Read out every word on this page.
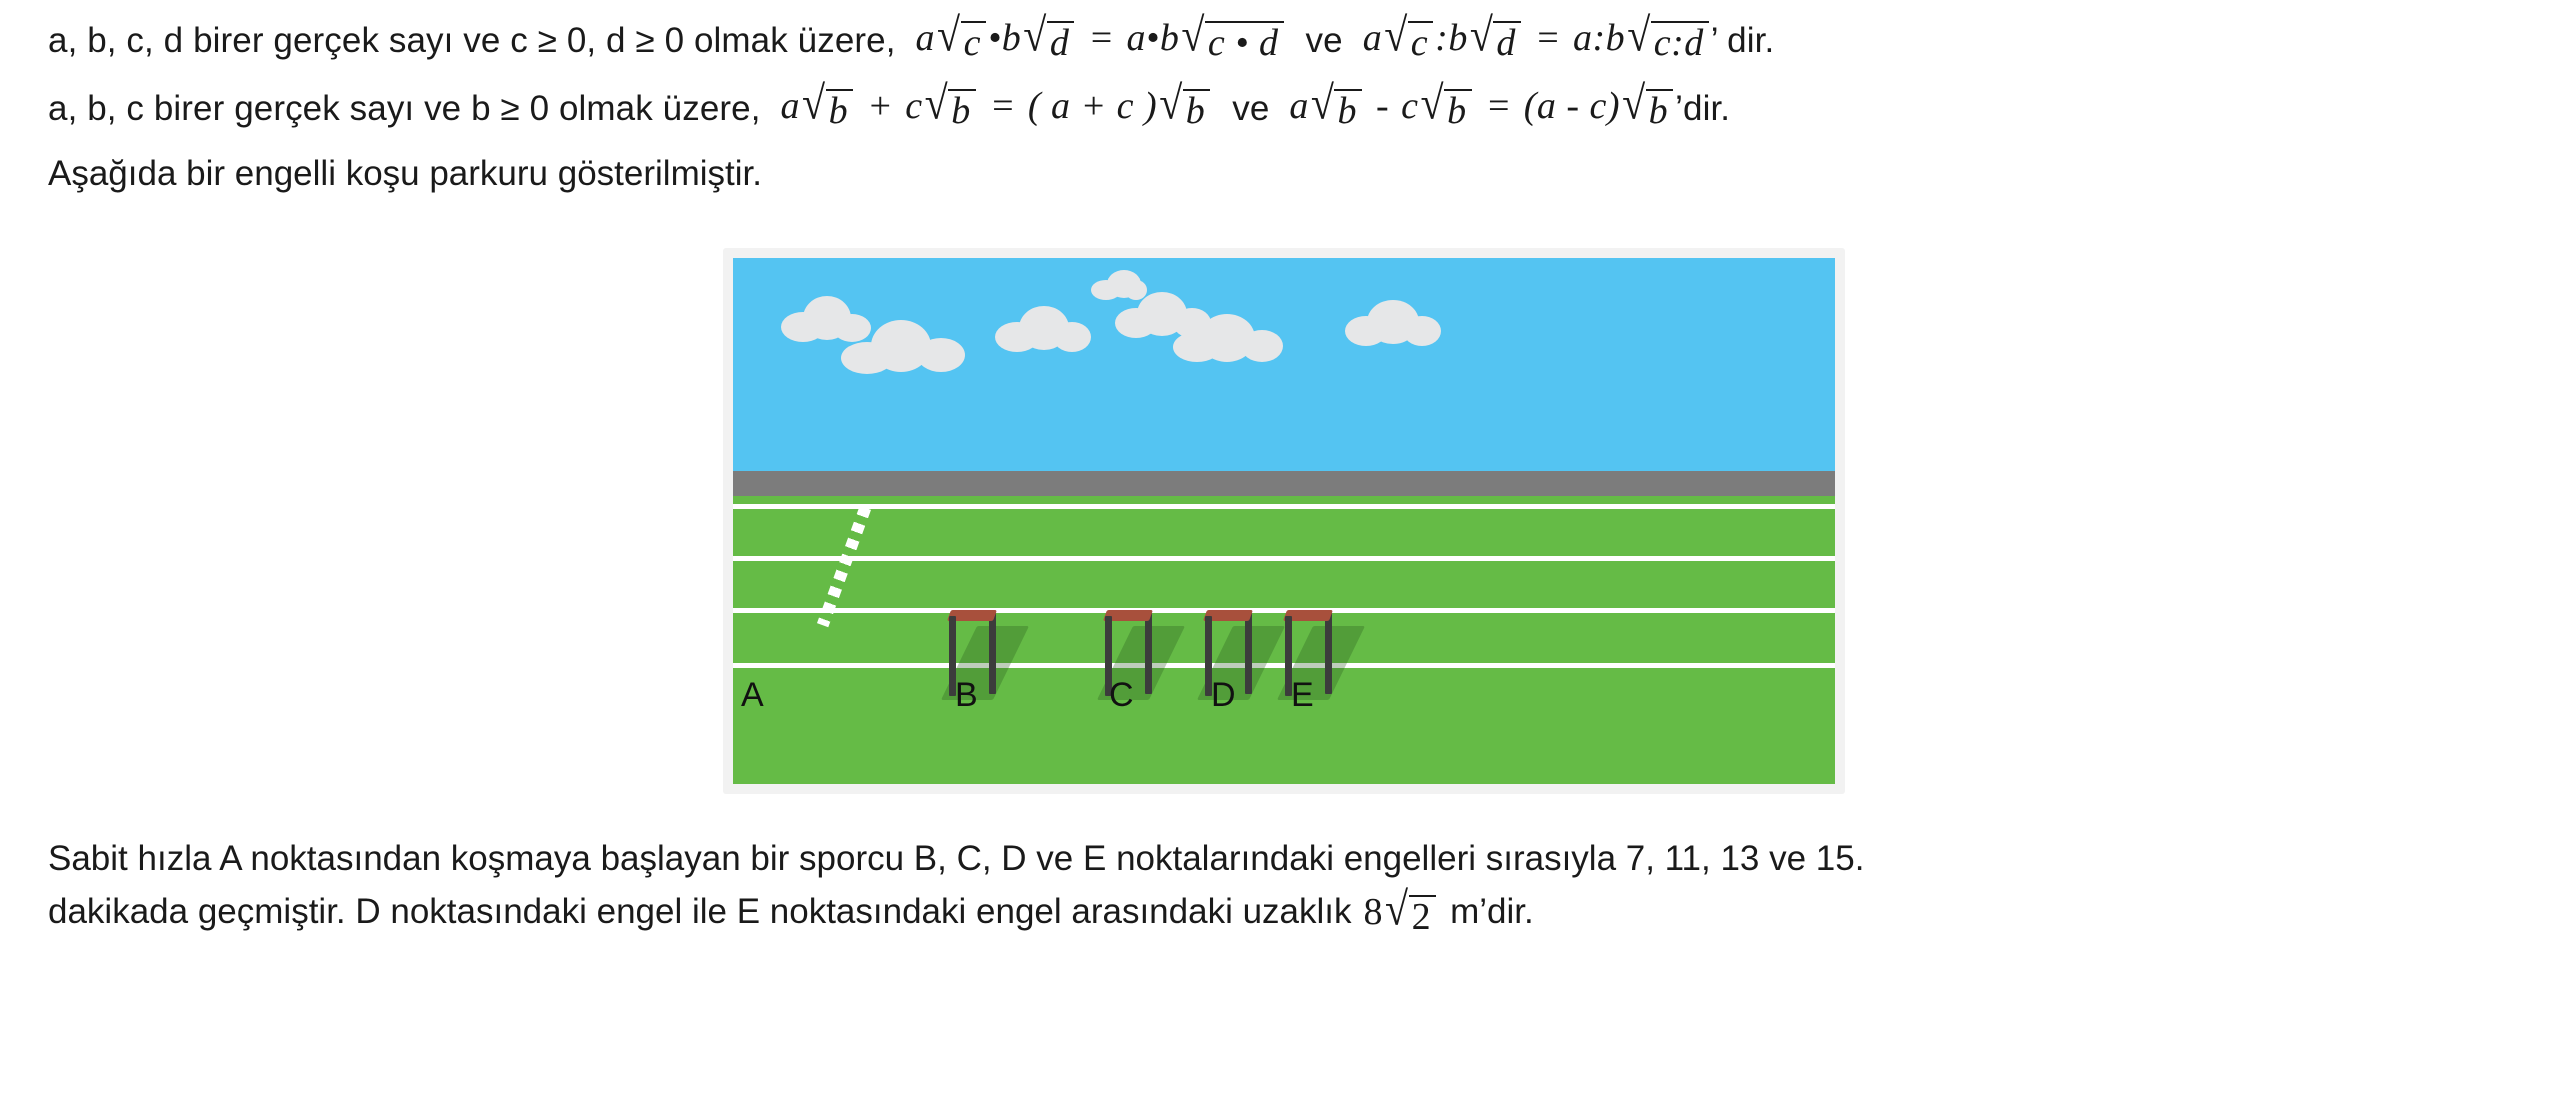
a, b, c, d birer gerçek sayı ve c ≥ 0, d ≥ 0 olmak üzere, a √ c •b √ d = a•b √ c • d ve a √ c :b √ d = a:b √ c:d ’ dir.
a, b, c birer gerçek sayı ve b ≥ 0 olmak üzere, a √ b + c √ b = ( a + c ) √ b ve a √ b - c √ b = (a - c) √ b ’dir.
Aşağıda bir engelli koşu parkuru gösterilmiştir.
A	B	C D E
Sabit hızla A noktasından koşmaya başlayan bir sporcu B, C, D ve E noktalarındaki engelleri sırasıyla 7, 11, 13 ve 15.
dakikada geçmiştir. D noktasındaki engel ile E noktasındaki engel arasındaki uzaklık 8 √ 2 m’dir.
